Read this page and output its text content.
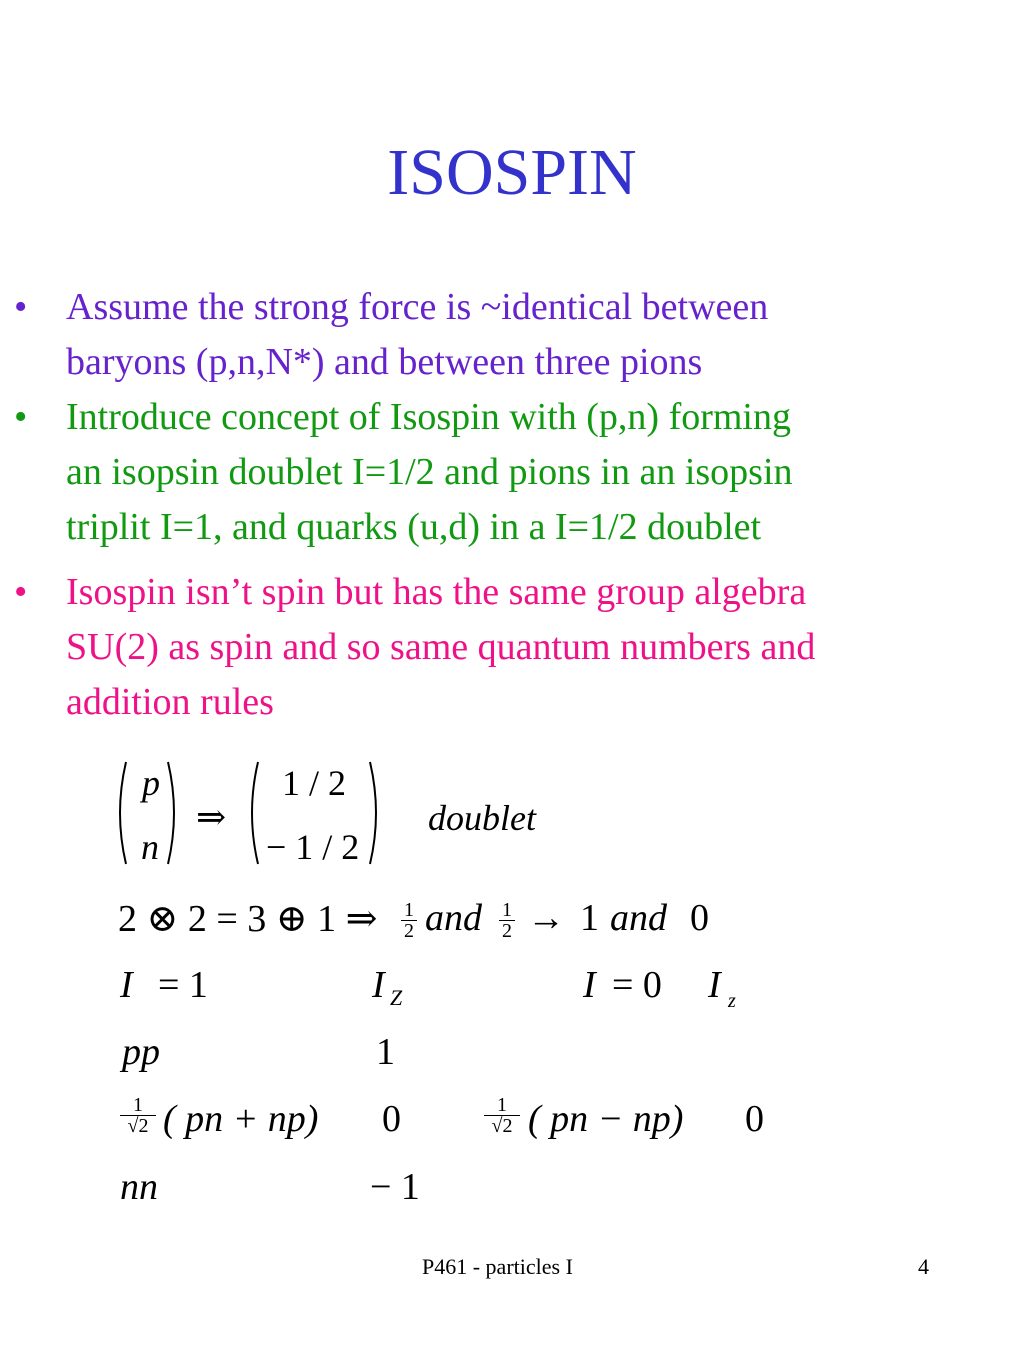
ISOSPIN
• Assume the strong force is ~identical between
baryons (p,n,N*) and between three pions
• Introduce concept of Isospin with (p,n) forming
an isopsin doublet I=1/2 and pions in an isopsin
triplit I=1, and quarks (u,d) in a I=1/2 doublet
• Isospin isn’t spin but has the same group algebra
SU(2) as spin and so same quantum numbers and
addition rules
p
n
⇒
1 / 2
− 1 / 2
doublet
2 ⊗ 2 = 3 ⊕ 1 ⇒ $\frac{1}{2}$ and $\frac{1}{2} \to 1$ and 0
I = 1	I Z	I = 0 I z
pp	1
$\frac{1}{√2}$ ( pn + np) 0	$\frac{1}{√2}$ ( pn − np) 0
nn	− 1
P461 - particles I	4
